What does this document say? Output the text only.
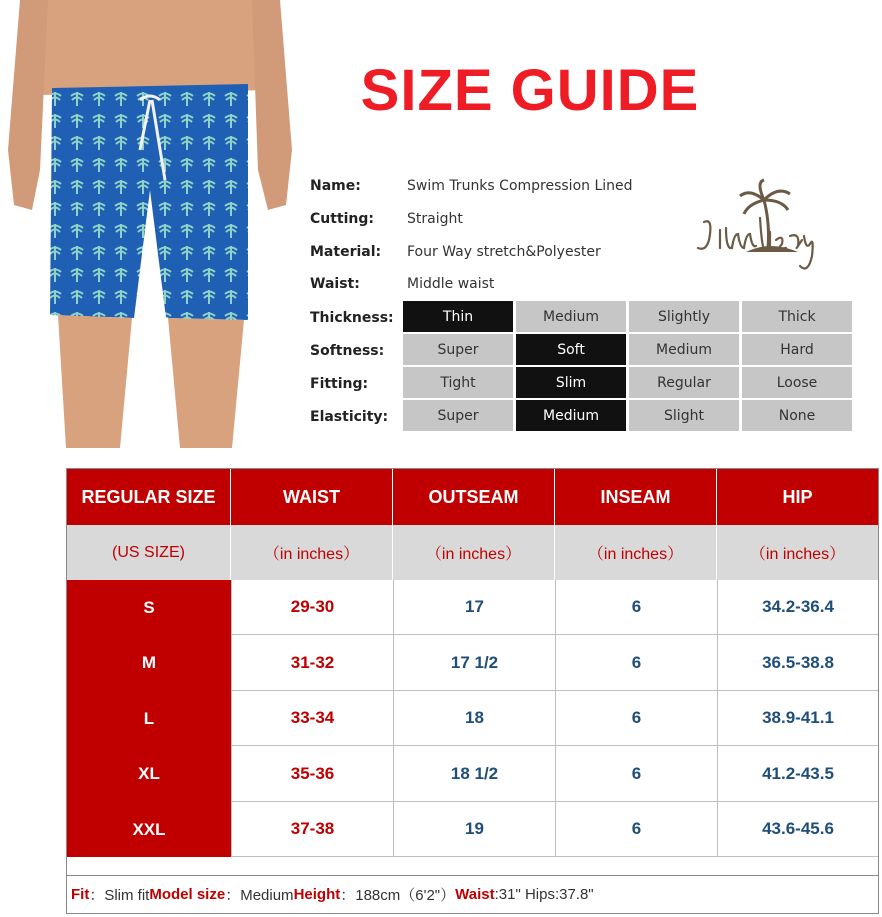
SIZE GUIDE
Name:	Swim Trunks Compression Lined
Cutting: Straight
Material: Four Way stretch&Polyester
Waist:	Middle waist
Thickness:	Thin	Medium	Slightly	Thick
Softness:	Super	Soft	Medium	Hard
Fitting:	Tight	Slim	Regular	Loose
Elasticity:	Super	Medium	Slight	None
REGULAR SIZE	WAIST	OUTSEAM	INSEAM	HIP
(US SIZE)	（in inches）	（in inches）	（in inches）	（in inches）
S	29-30	17	6	34.2-36.4
M	31-32	17 1/2	6	36.5-38.8
L	33-34	18	6	38.9-41.1
XL	35-36	18 1/2	6	41.2-43.5
XXL	37-38	19	6	43.6-45.6
Fit ：Slim fit Model size ：Medium Height ：188cm（6'2"） Waist :31" Hips:37.8"
